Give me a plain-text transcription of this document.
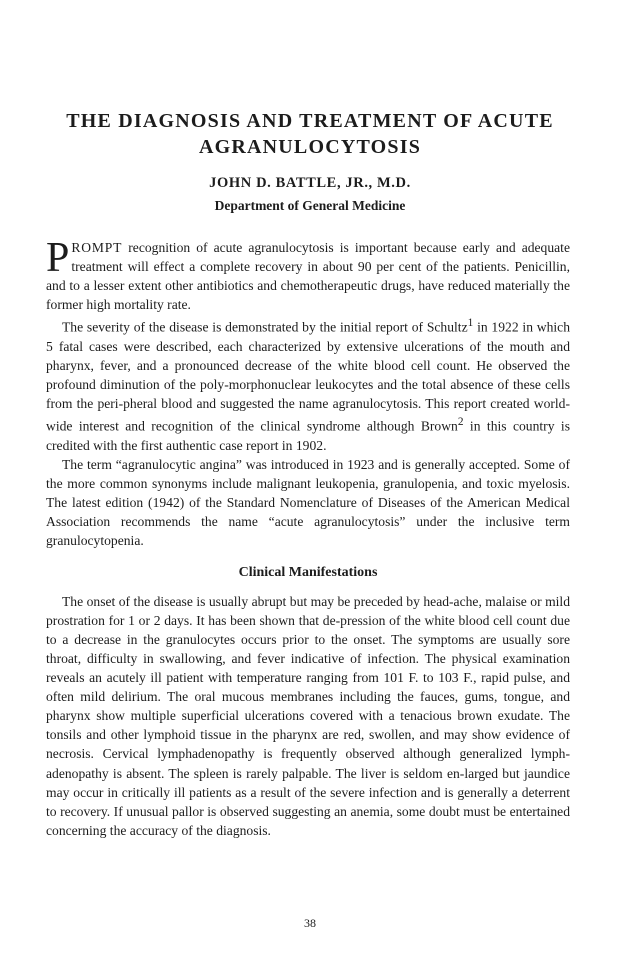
THE DIAGNOSIS AND TREATMENT OF ACUTE
AGRANULOCYTOSIS

JOHN D. BATTLE, JR., M.D.

Department of General Medicine

PROMPT recognition of acute agranulocytosis is important because early and adequate treatment will effect a complete recovery in about 90 per cent of the patients. Penicillin, and to a lesser extent other antibiotics and chemotherapeutic drugs, have reduced materially the former high mortality rate.

The severity of the disease is demonstrated by the initial report of Schultz$^1$ in 1922 in which 5 fatal cases were described, each characterized by extensive ulcerations of the mouth and pharynx, fever, and a pronounced decrease of the white blood cell count. He observed the profound diminution of the poly-morphonuclear leukocytes and the total absence of these cells from the peri-pheral blood and suggested the name agranulocytosis. This report created world-wide interest and recognition of the clinical syndrome although Brown$^2$ in this country is credited with the first authentic case report in 1902.

The term “agranulocytic angina” was introduced in 1923 and is generally accepted. Some of the more common synonyms include malignant leukopenia, granulopenia, and toxic myelosis. The latest edition (1942) of the Standard Nomenclature of Diseases of the American Medical Association recommends the name “acute agranulocytosis” under the inclusive term granulocytopenia.

Clinical Manifestations

The onset of the disease is usually abrupt but may be preceded by head-ache, malaise or mild prostration for 1 or 2 days. It has been shown that de-pression of the white blood cell count due to a decrease in the granulocytes occurs prior to the onset. The symptoms are usually sore throat, difficulty in swallowing, and fever indicative of infection. The physical examination reveals an acutely ill patient with temperature ranging from 101 F. to 103 F., rapid pulse, and often mild delirium. The oral mucous membranes including the fauces, gums, tongue, and pharynx show multiple superficial ulcerations covered with a tenacious brown exudate. The tonsils and other lymphoid tissue in the pharynx are red, swollen, and may show evidence of necrosis. Cervical lymphadenopathy is frequently observed although generalized lymph-adenopathy is absent. The spleen is rarely palpable. The liver is seldom en-larged but jaundice may occur in critically ill patients as a result of the severe infection and is generally a deterrent to recovery. If unusual pallor is observed suggesting an anemia, some doubt must be entertained concerning the accuracy of the diagnosis.

38
